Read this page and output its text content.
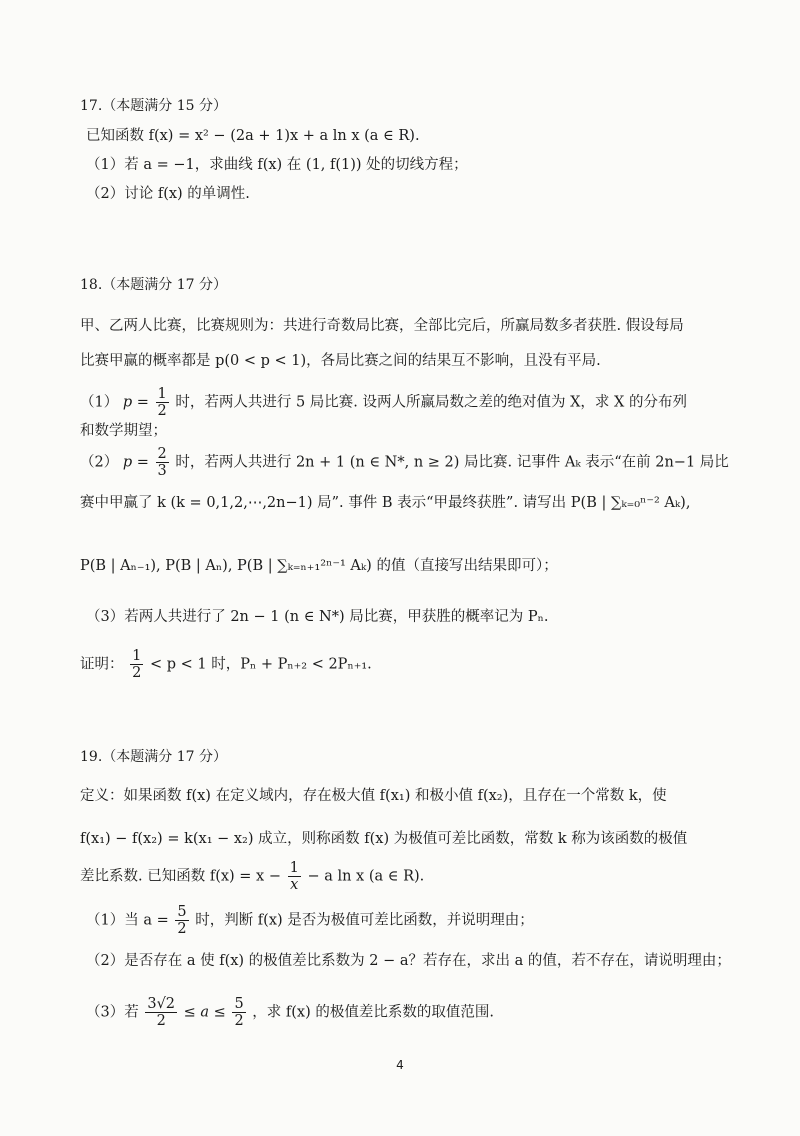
17.（本题满分 15 分）
已知函数 f(x) = x² − (2a + 1)x + a ln x (a ∈ R).
（1）若 a = −1，求曲线 f(x) 在 (1, f(1)) 处的切线方程；
（2）讨论 f(x) 的单调性.
18.（本题满分 17 分）
甲、乙两人比赛，比赛规则为：共进行奇数局比赛，全部比完后，所赢局数多者获胜. 假设每局
比赛甲赢的概率都是 p(0 < p < 1)，各局比赛之间的结果互不影响，且没有平局.
（1） $p = \frac{1}{2}$ 时，若两人共进行 5 局比赛. 设两人所赢局数之差的绝对值为 X，求 X 的分布列
和数学期望；
（2） $p = \frac{2}{3}$ 时，若两人共进行 2n + 1 (n ∈ N*, n ≥ 2) 局比赛. 记事件 Aₖ 表示“在前 2n−1 局比
赛中甲赢了 k (k = 0,1,2,⋯,2n−1) 局”. 事件 B 表示“甲最终获胜”. 请写出 P(B | ∑ₖ₌₀ⁿ⁻² Aₖ),
P(B | Aₙ₋₁), P(B | Aₙ), P(B | ∑ₖ₌ₙ₊₁²ⁿ⁻¹ Aₖ) 的值（直接写出结果即可）；
（3）若两人共进行了 2n − 1 (n ∈ N*) 局比赛，甲获胜的概率记为 Pₙ.
证明： $\frac{1}{2} < p < 1$ 时，Pₙ + Pₙ₊₂ < 2Pₙ₊₁.
19.（本题满分 17 分）
定义：如果函数 f(x) 在定义域内，存在极大值 f(x₁) 和极小值 f(x₂)，且存在一个常数 k，使
f(x₁) − f(x₂) = k(x₁ − x₂) 成立，则称函数 f(x) 为极值可差比函数，常数 k 称为该函数的极值
差比系数. 已知函数 $f(x) = x - \frac{1}{x} - a$ ln x (a ∈ R).
（1）当 $a = \frac{5}{2}$ 时，判断 f(x) 是否为极值可差比函数，并说明理由；
（2）是否存在 a 使 f(x) 的极值差比系数为 2 − a？若存在，求出 a 的值，若不存在，请说明理由；
（3）若 $\frac{3√2}{2} \le a \le \frac{5}{2}$ ，求 f(x) 的极值差比系数的取值范围.
4
